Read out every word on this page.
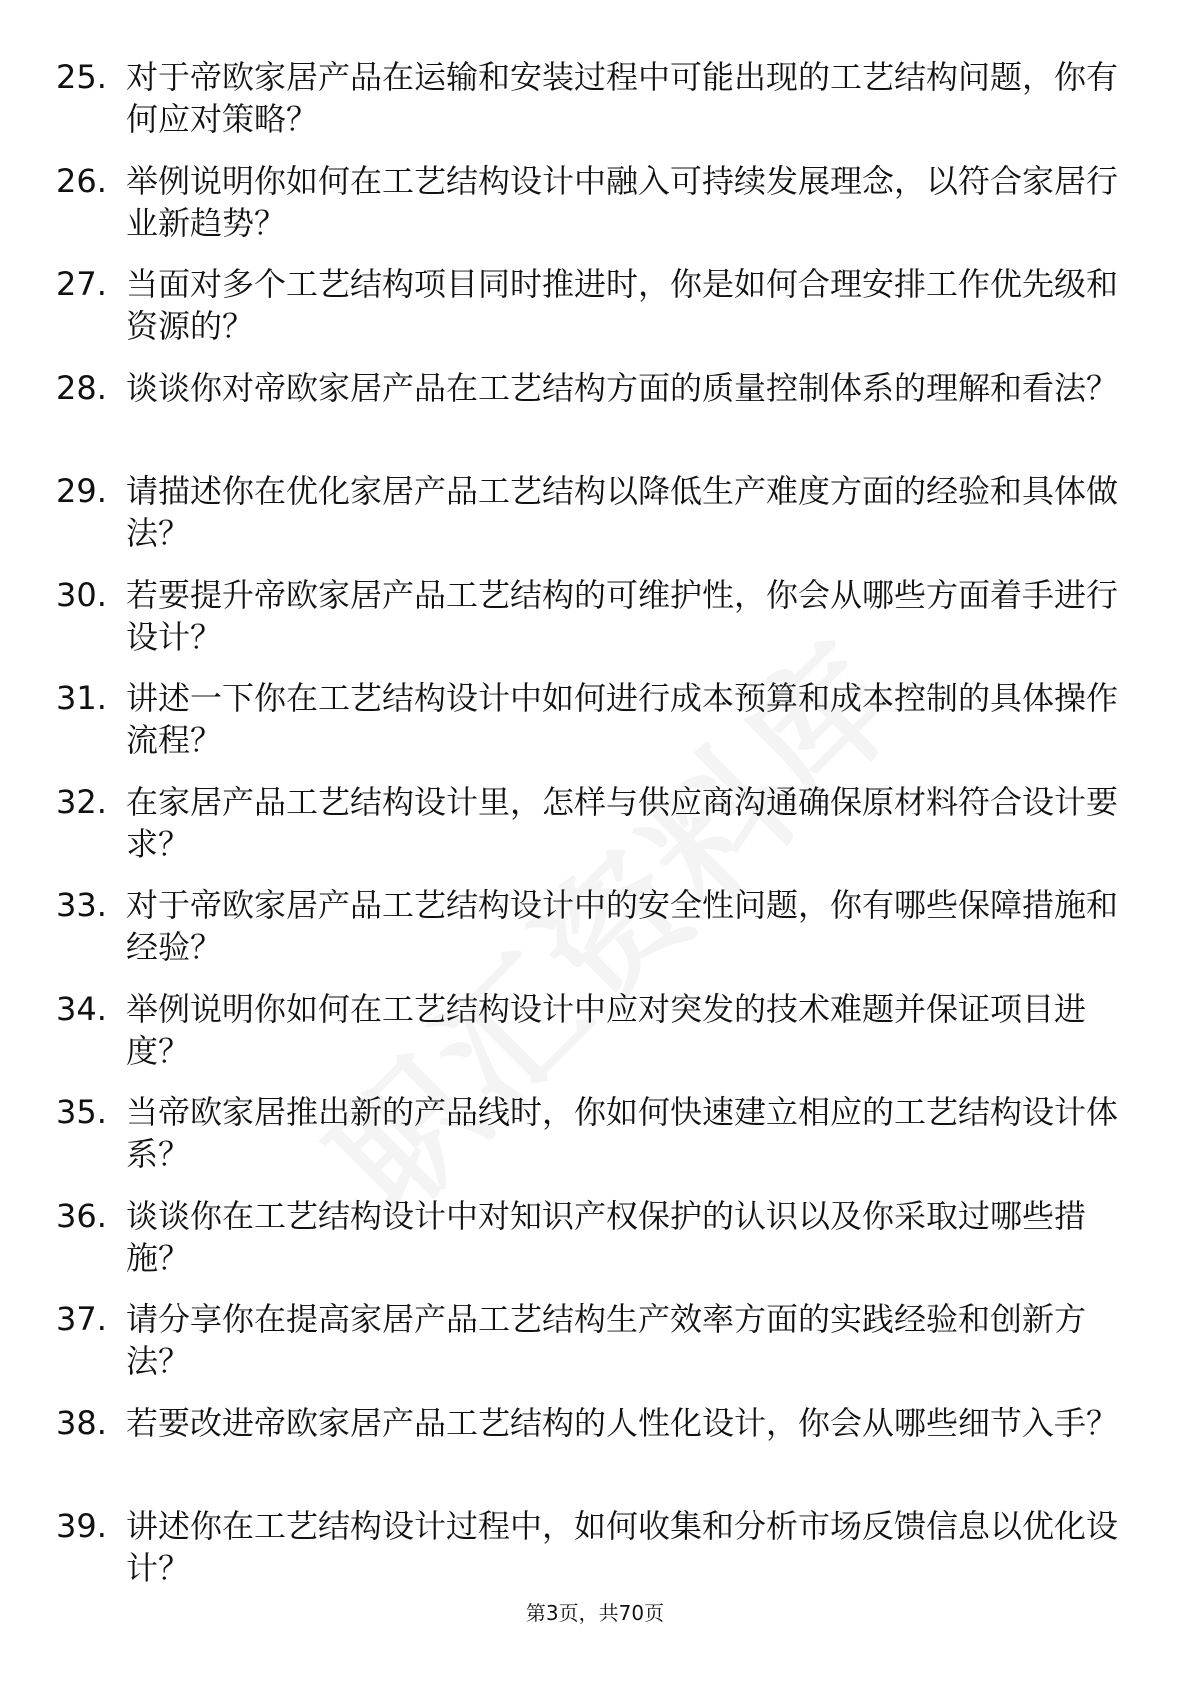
25. 对于帝欧家居产品在运输和安装过程中可能出现的工艺结构问题，你有何应对策略？
26. 举例说明你如何在工艺结构设计中融入可持续发展理念，以符合家居行业新趋势？
27. 当面对多个工艺结构项目同时推进时，你是如何合理安排工作优先级和资源的？
28. 谈谈你对帝欧家居产品在工艺结构方面的质量控制体系的理解和看法？
29. 请描述你在优化家居产品工艺结构以降低生产难度方面的经验和具体做法？
30. 若要提升帝欧家居产品工艺结构的可维护性，你会从哪些方面着手进行设计？
31. 讲述一下你在工艺结构设计中如何进行成本预算和成本控制的具体操作流程？
32. 在家居产品工艺结构设计里，怎样与供应商沟通确保原材料符合设计要求？
33. 对于帝欧家居产品工艺结构设计中的安全性问题，你有哪些保障措施和经验？
34. 举例说明你如何在工艺结构设计中应对突发的技术难题并保证项目进度？
35. 当帝欧家居推出新的产品线时，你如何快速建立相应的工艺结构设计体系？
36. 谈谈你在工艺结构设计中对知识产权保护的认识以及你采取过哪些措施？
37. 请分享你在提高家居产品工艺结构生产效率方面的实践经验和创新方法？
38. 若要改进帝欧家居产品工艺结构的人性化设计，你会从哪些细节入手？
39. 讲述你在工艺结构设计过程中，如何收集和分析市场反馈信息以优化设计？
第3页，共70页
